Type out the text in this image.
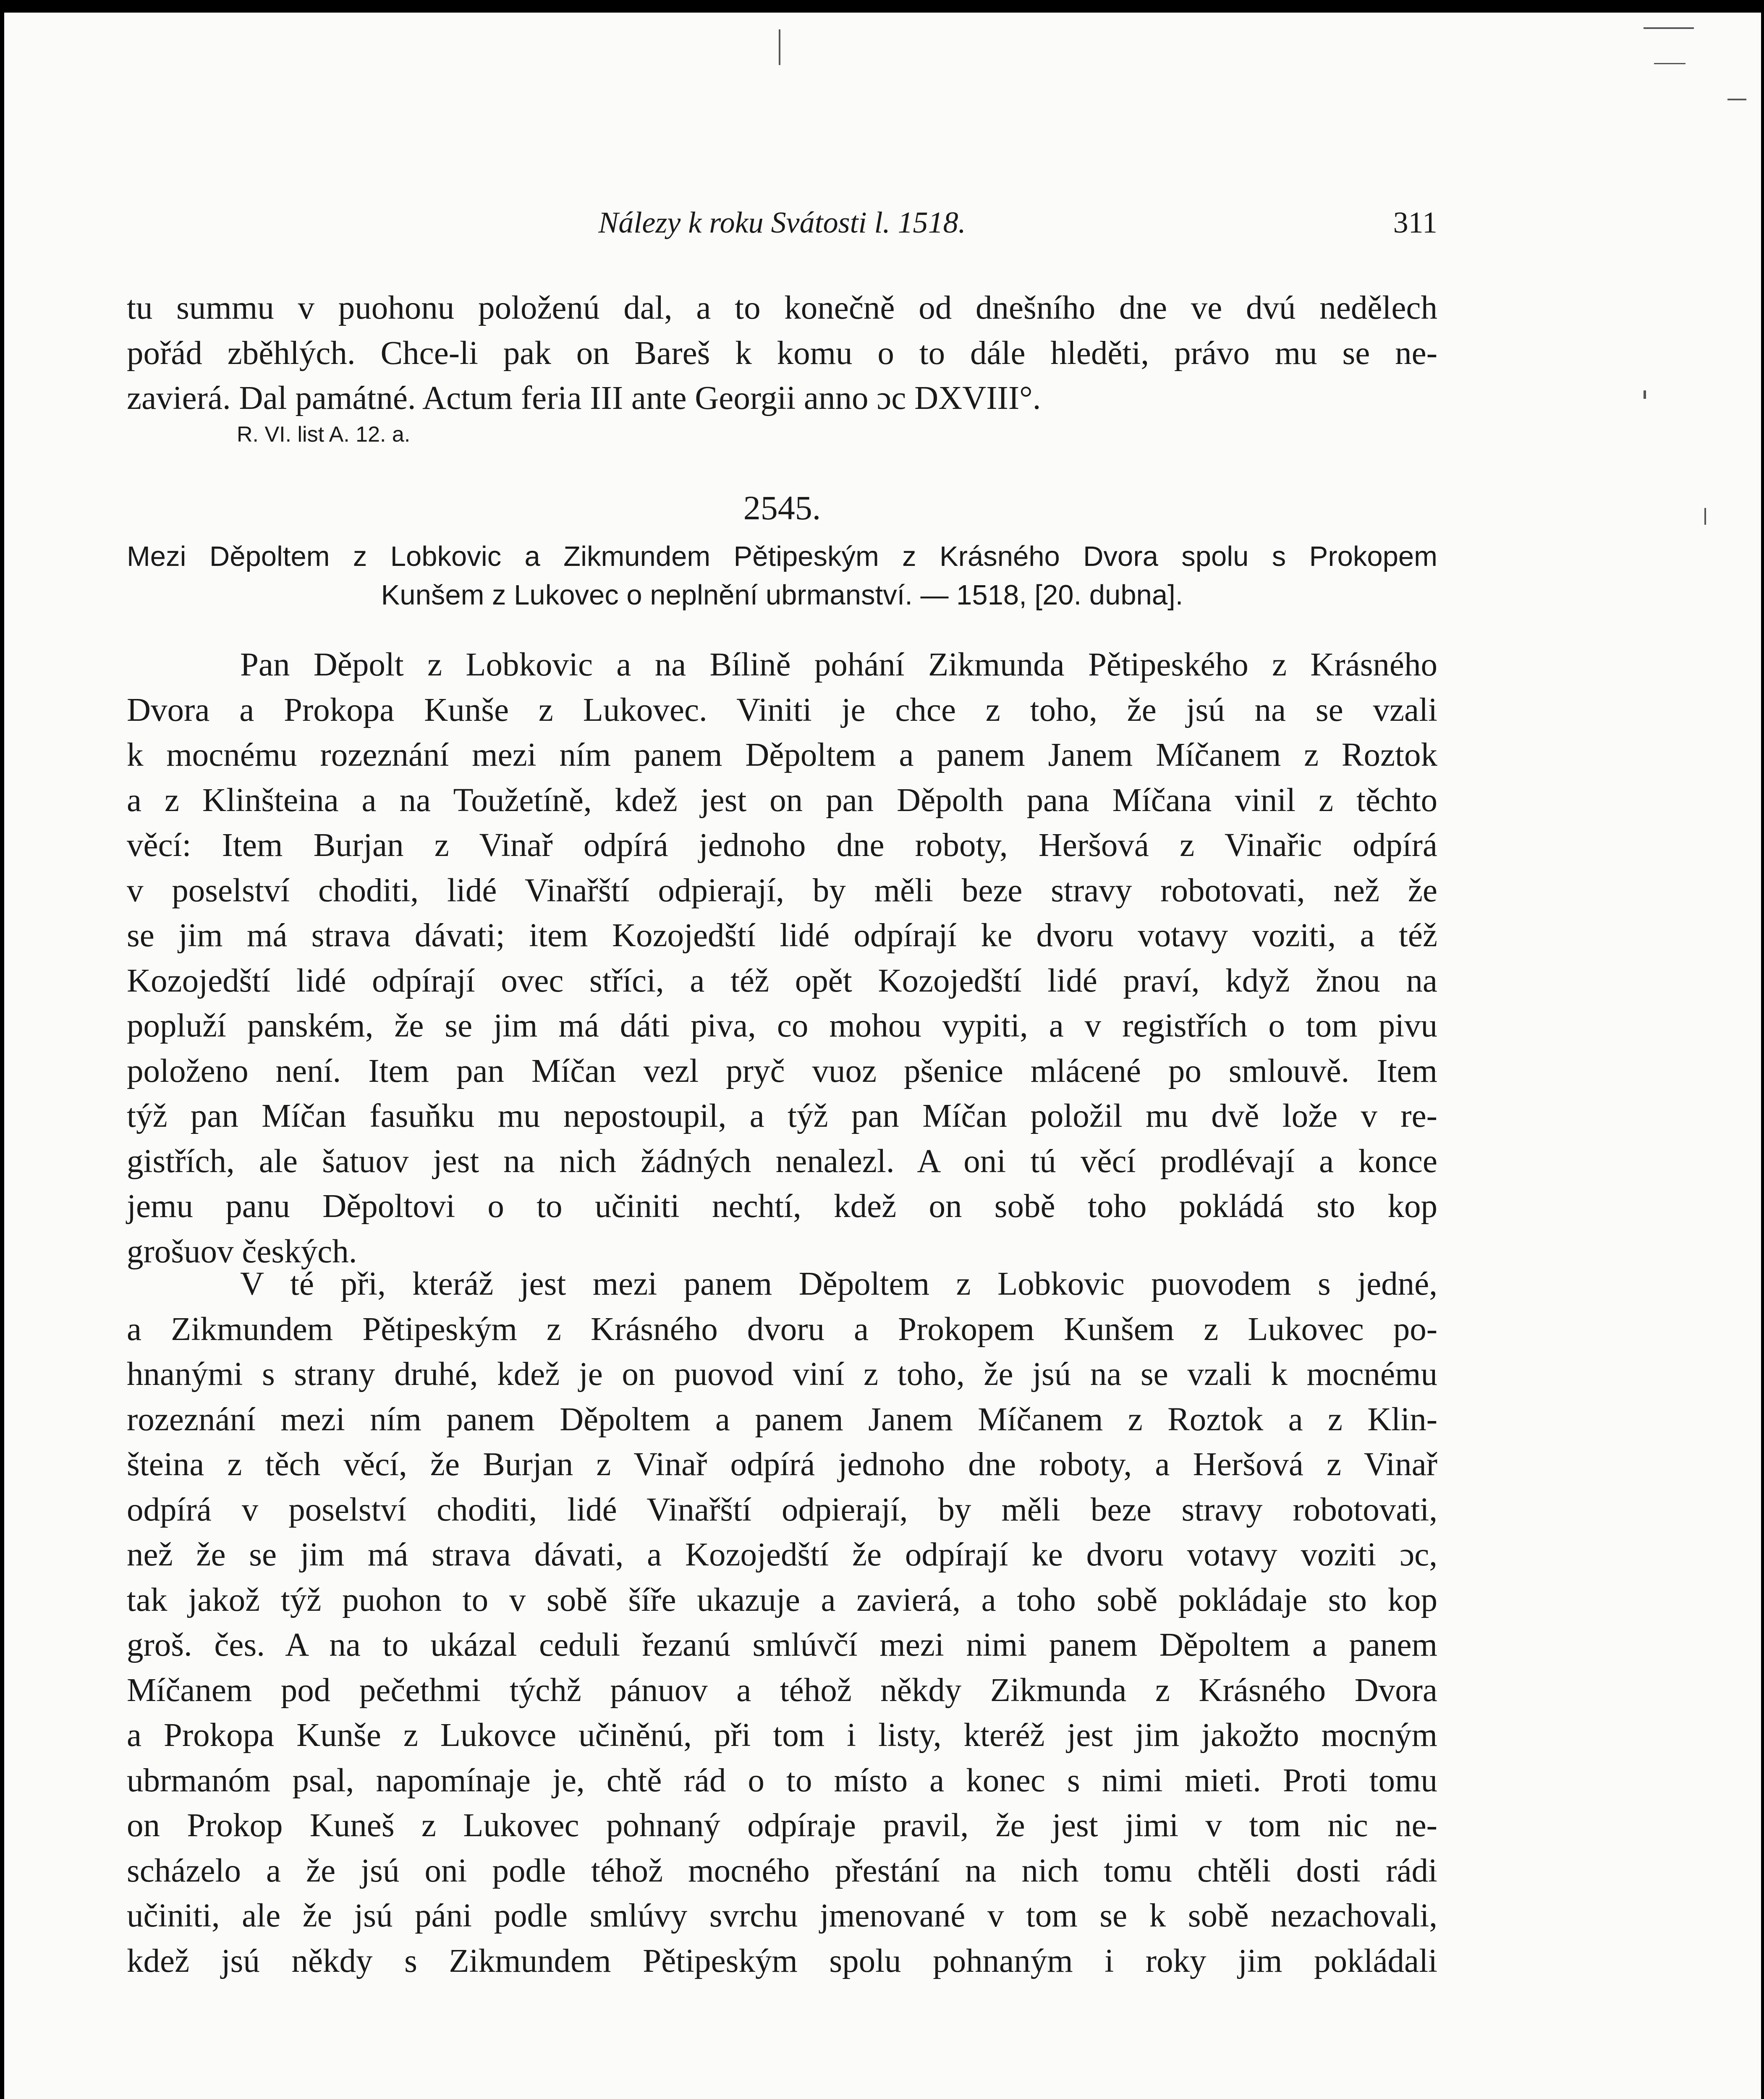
Nálezy k roku Svátosti l. 1518.	311
tu summu v puohonu položenú dal, a to konečně od dnešního dne ve dvú nedělech
pořád zběhlých. Chce-li pak on Bareš k komu o to dále hleděti, právo mu se ne-
zavierá. Dal památné. Actum feria III ante Georgii anno ɔc DXVIII°.
R. VI. list A. 12. a.
2545.
Mezi Děpoltem z Lobkovic a Zikmundem Pětipeským z Krásného Dvora spolu s Prokopem
Kunšem z Lukovec o neplnění ubrmanství. — 1518, [20. dubna].
Pan Děpolt z Lobkovic a na Bílině pohání Zikmunda Pětipeského z Krásného
Dvora a Prokopa Kunše z Lukovec. Viniti je chce z toho, že jsú na se vzali
k mocnému rozeznání mezi ním panem Děpoltem a panem Janem Míčanem z Roztok
a z Klinšteina a na Toužetíně, kdež jest on pan Děpolth pana Míčana vinil z těchto
věcí: Item Burjan z Vinař odpírá jednoho dne roboty, Heršová z Vinařic odpírá
v poselství choditi, lidé Vinařští odpierají, by měli beze stravy robotovati, než že
se jim má strava dávati; item Kozojedští lidé odpírají ke dvoru votavy voziti, a též
Kozojedští lidé odpírají ovec stříci, a též opět Kozojedští lidé praví, když žnou na
popluží panském, že se jim má dáti piva, co mohou vypiti, a v registřích o tom pivu
položeno není. Item pan Míčan vezl pryč vuoz pšenice mlácené po smlouvě. Item
týž pan Míčan fasuňku mu nepostoupil, a týž pan Míčan položil mu dvě lože v re-
gistřích, ale šatuov jest na nich žádných nenalezl. A oni tú věcí prodlévají a konce
jemu panu Děpoltovi o to učiniti nechtí, kdež on sobě toho pokládá sto kop
grošuov českých.
V té při, kteráž jest mezi panem Děpoltem z Lobkovic puovodem s jedné,
a Zikmundem Pětipeským z Krásného dvoru a Prokopem Kunšem z Lukovec po-
hnanými s strany druhé, kdež je on puovod viní z toho, že jsú na se vzali k mocnému
rozeznání mezi ním panem Děpoltem a panem Janem Míčanem z Roztok a z Klin-
šteina z těch věcí, že Burjan z Vinař odpírá jednoho dne roboty, a Heršová z Vinař
odpírá v poselství choditi, lidé Vinařští odpierají, by měli beze stravy robotovati,
než že se jim má strava dávati, a Kozojedští že odpírají ke dvoru votavy voziti ɔc,
tak jakož týž puohon to v sobě šíře ukazuje a zavierá, a toho sobě pokládaje sto kop
groš. čes. A na to ukázal ceduli řezanú smlúvčí mezi nimi panem Děpoltem a panem
Míčanem pod pečethmi týchž pánuov a téhož někdy Zikmunda z Krásného Dvora
a Prokopa Kunše z Lukovce učiněnú, při tom i listy, kteréž jest jim jakožto mocným
ubrmanóm psal, napomínaje je, chtě rád o to místo a konec s nimi mieti. Proti tomu
on Prokop Kuneš z Lukovec pohnaný odpíraje pravil, že jest jimi v tom nic ne-
scházelo a že jsú oni podle téhož mocného přestání na nich tomu chtěli dosti rádi
učiniti, ale že jsú páni podle smlúvy svrchu jmenované v tom se k sobě nezachovali,
kdež jsú někdy s Zikmundem Pětipeským spolu pohnaným i roky jim pokládali
